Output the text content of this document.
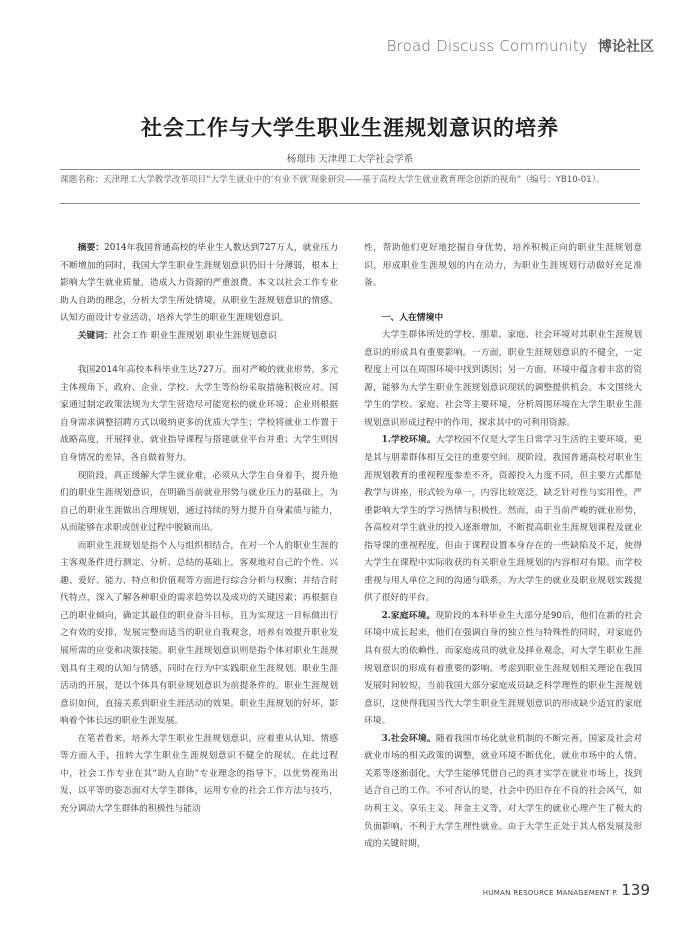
Broad Discuss Community 博论社区
社会工作与大学生职业生涯规划意识的培养
杨璟玮 天津理工大学社会学系
课题名称：天津理工大学教学改革项目“大学生就业中的‘有业不就’现象研究——基于高校大学生就业教育理念创新的视角”（编号：YB10-01）。

摘要：2014年我国普通高校的毕业生人数达到727万人，就业压力不断增加的同时，我国大学生职业生涯规划意识仍旧十分薄弱，根本上影响大学生就业质量，造成人力资源的严重浪费。本文以社会工作专业助人自助的理念，分析大学生所处情境，从职业生涯规划意识的情感、认知方面设计专业活动，培养大学生的职业生涯规划意识。

关键词：社会工作 职业生涯规划 职业生涯规划意识

我国2014年高校本科毕业生达727万。面对严峻的就业形势，多元主体视角下，政府、企业、学校、大学生等纷纷采取措施积极应对。国家通过制定政策法规为大学生营造尽可能宽松的就业环境；企业则根据自身需求调整招聘方式以吸纳更多的优质大学生；学校将就业工作置于战略高度，开展择业、就业指导课程与搭建就业平台并重；大学生则因自身情况的差异，各自做着努力。

现阶段，真正缓解大学生就业难，必须从大学生自身着手，提升他们的职业生涯规划意识，在明确当前就业形势与就业压力的基础上，为自己的职业生涯做出合理规划，通过持续的努力提升自身素质与能力，从而能够在求职或创业过程中脱颖而出。

而职业生涯规划是指个人与组织相结合，在对一个人的职业生涯的主客观条件进行测定、分析、总结的基础上，客观地对自己的个性、兴趣、爱好、能力、特点和价值观等方面进行综合分析与权衡；并结合时代特点，深入了解各种职业的需求趋势以及成功的关键因素；再根据自己的职业倾向，确定其最佳的职业奋斗目标，且为实现这一目标做出行之有效的安排，发展完整而适当的职业自我观念，培养有效提升职业发展所需的应变和决策技能。职业生涯规划意识则是指个体对职业生涯规划具有主观的认知与情感，同时在行为中实践职业生涯规划。职业生涯活动的开展，是以个体具有职业规划意识为前提条件的。职业生涯规划意识如何，直接关系到职业生涯活动的效果。职业生涯规划的好坏，影响着个体长远的职业生涯发展。

在笔者看来，培养大学生职业生涯规划意识，应着重从认知、情感等方面入手，扭转大学生职业生涯规划意识不健全的现状。在此过程中，社会工作专业在其“助人自助”专业理念的指导下，以优势视角出发，以平等的姿态面对大学生群体，运用专业的社会工作方法与技巧，充分调动大学生群体的积极性与能动

性，帮助他们更好地挖掘自身优势，培养积极正向的职业生涯规划意识，形成职业生涯规划的内在动力，为职业生涯规划行动做好充足准备。

一、人在情境中

大学生群体所处的学校、朋辈、家庭、社会环境对其职业生涯规划意识的形成具有重要影响。一方面，职业生涯规划意识的不健全，一定程度上可以在周围环境中找到诱因；另一方面，环境中蕴含着丰富的资源，能够为大学生职业生涯规划意识现状的调整提供机会。本文围绕大学生的学校、家庭、社会等主要环境，分析周围环境在大学生职业生涯规划意识形成过程中的作用，探求其中的可利用资源。

1.学校环境。大学校园不仅是大学生日常学习生活的主要环境，更是其与朋辈群体相互交往的重要空间。现阶段，我国普通高校对职业生涯规划教育的重视程度参差不齐，资源投入力度不同，但主要方式都是教学与讲座，形式较为单一，内容比较宽泛，缺乏针对性与实用性，严重影响大学生的学习热情与积极性。然而，由于当前严峻的就业形势，各高校对学生就业的投入逐渐增加，不断提高职业生涯规划课程及就业指导课的重视程度，但由于课程设置本身存在的一些缺陷及不足，使得大学生在课程中实际收获的有关职业生涯规划的内容相对有限。而学校重视与用人单位之间的沟通与联系，为大学生的就业及职业规划实践提供了很好的平台。

2.家庭环境。现阶段的本科毕业生大部分是90后，他们在新的社会环境中成长起来，他们在强调自身的独立性与特殊性的同时，对家庭仍具有很大的依赖性，而家庭成员的就业及择业观念，对大学生职业生涯规划意识的形成有着重要的影响。考虑到职业生涯规划相关理论在我国发展时间较短，当前我国大部分家庭成员缺乏科学理性的职业生涯规划意识，这使得我国当代大学生职业生涯规划意识的形成缺少适宜的家庭环境。

3.社会环境。随着我国市场化就业机制的不断完善，国家及社会对就业市场的相关政策的调整，就业环境不断优化，就业市场中的人情、关系等逐渐弱化，大学生能够凭借自己的真才实学在就业市场上，找到适合自己的工作。不可否认的是，社会中仍旧存在不良的社会风气，如功利主义、享乐主义、拜金主义等，对大学生的就业心理产生了极大的负面影响，不利于大学生理性就业。由于大学生正处于其人格发展及形成的关键时期，

HUMAN RESOURCE MANAGEMENT P. 139
